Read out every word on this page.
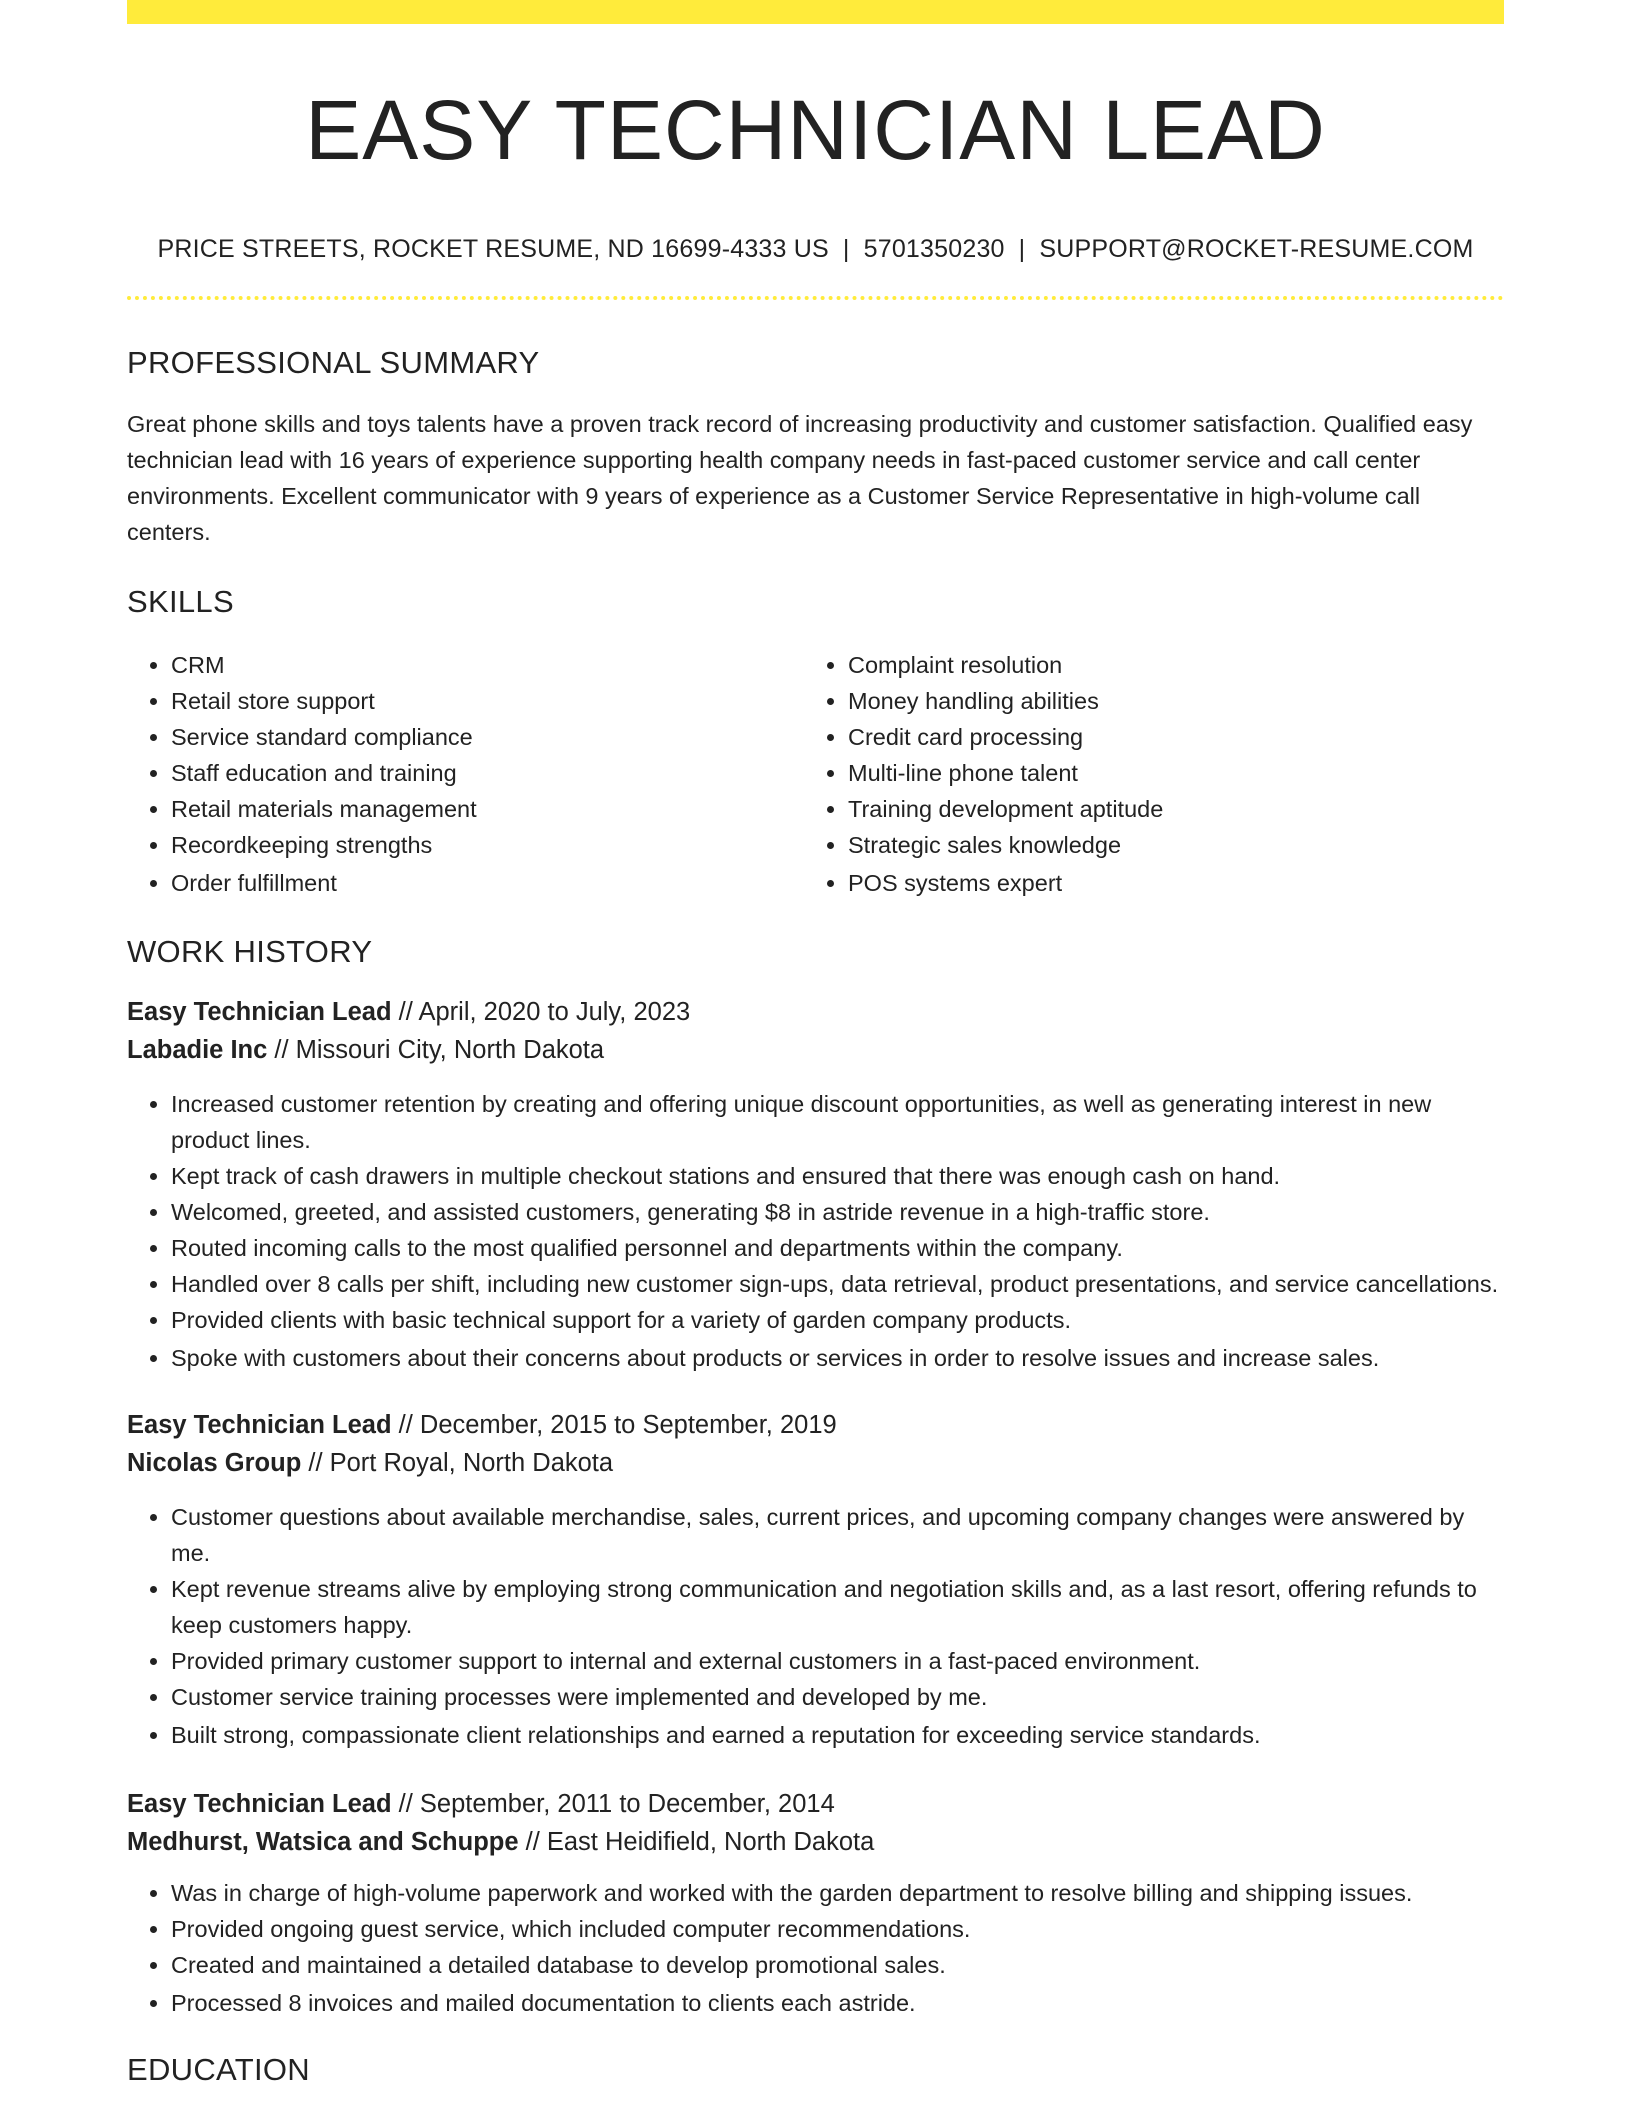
EASY TECHNICIAN LEAD
PRICE STREETS, ROCKET RESUME, ND 16699-4333 US | 5701350230 | SUPPORT@ROCKET-RESUME.COM
PROFESSIONAL SUMMARY

Great phone skills and toys talents have a proven track record of increasing productivity and customer satisfaction. Qualified easy technician lead with 16 years of experience supporting health company needs in fast-paced customer service and call center environments. Excellent communicator with 9 years of experience as a Customer Service Representative in high-volume call centers.

SKILLS
• CRM
• Retail store support
• Service standard compliance
• Staff education and training
• Retail materials management
• Recordkeeping strengths
• Order fulfillment
• Complaint resolution
• Money handling abilities
• Credit card processing
• Multi-line phone talent
• Training development aptitude
• Strategic sales knowledge
• POS systems expert
WORK HISTORY
Easy Technician Lead // April, 2020 to July, 2023
Labadie Inc // Missouri City, North Dakota
• Increased customer retention by creating and offering unique discount opportunities, as well as generating interest in new product lines.
• Kept track of cash drawers in multiple checkout stations and ensured that there was enough cash on hand.
• Welcomed, greeted, and assisted customers, generating $8 in astride revenue in a high-traffic store.
• Routed incoming calls to the most qualified personnel and departments within the company.
• Handled over 8 calls per shift, including new customer sign-ups, data retrieval, product presentations, and service cancellations.
• Provided clients with basic technical support for a variety of garden company products.
• Spoke with customers about their concerns about products or services in order to resolve issues and increase sales.
Easy Technician Lead // December, 2015 to September, 2019
Nicolas Group // Port Royal, North Dakota
• Customer questions about available merchandise, sales, current prices, and upcoming company changes were answered by me.
• Kept revenue streams alive by employing strong communication and negotiation skills and, as a last resort, offering refunds to keep customers happy.
• Provided primary customer support to internal and external customers in a fast-paced environment.
• Customer service training processes were implemented and developed by me.
• Built strong, compassionate client relationships and earned a reputation for exceeding service standards.
Easy Technician Lead // September, 2011 to December, 2014
Medhurst, Watsica and Schuppe // East Heidifield, North Dakota
• Was in charge of high-volume paperwork and worked with the garden department to resolve billing and shipping issues.
• Provided ongoing guest service, which included computer recommendations.
• Created and maintained a detailed database to develop promotional sales.
• Processed 8 invoices and mailed documentation to clients each astride.
EDUCATION
